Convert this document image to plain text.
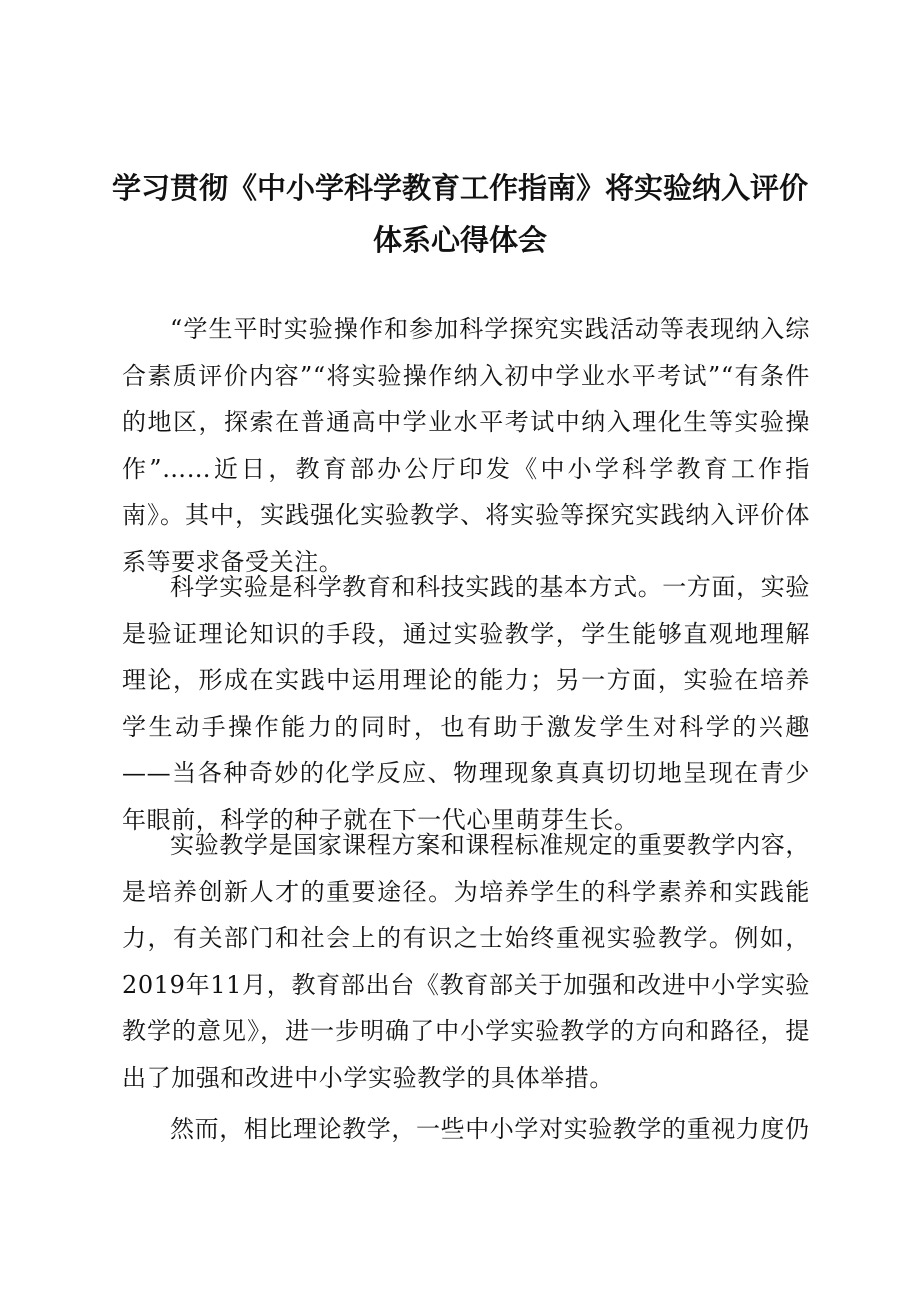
学习贯彻《中小学科学教育工作指南》将实验纳入评价
体系心得体会

“学生平时实验操作和参加科学探究实践活动等表现纳入综合素质评价内容”“将实验操作纳入初中学业水平考试”“有条件的地区，探索在普通高中学业水平考试中纳入理化生等实验操作”……近日，教育部办公厅印发《中小学科学教育工作指南》。其中，实践强化实验教学、将实验等探究实践纳入评价体系等要求备受关注。

科学实验是科学教育和科技实践的基本方式。一方面，实验是验证理论知识的手段，通过实验教学，学生能够直观地理解理论，形成在实践中运用理论的能力；另一方面，实验在培养学生动手操作能力的同时，也有助于激发学生对科学的兴趣——当各种奇妙的化学反应、物理现象真真切切地呈现在青少年眼前，科学的种子就在下一代心里萌芽生长。

实验教学是国家课程方案和课程标准规定的重要教学内容，是培养创新人才的重要途径。为培养学生的科学素养和实践能力，有关部门和社会上的有识之士始终重视实验教学。例如，2019年11月，教育部出台《教育部关于加强和改进中小学实验教学的意见》，进一步明确了中小学实验教学的方向和路径，提出了加强和改进中小学实验教学的具体举措。

然而，相比理论教学，一些中小学对实验教学的重视力度仍
